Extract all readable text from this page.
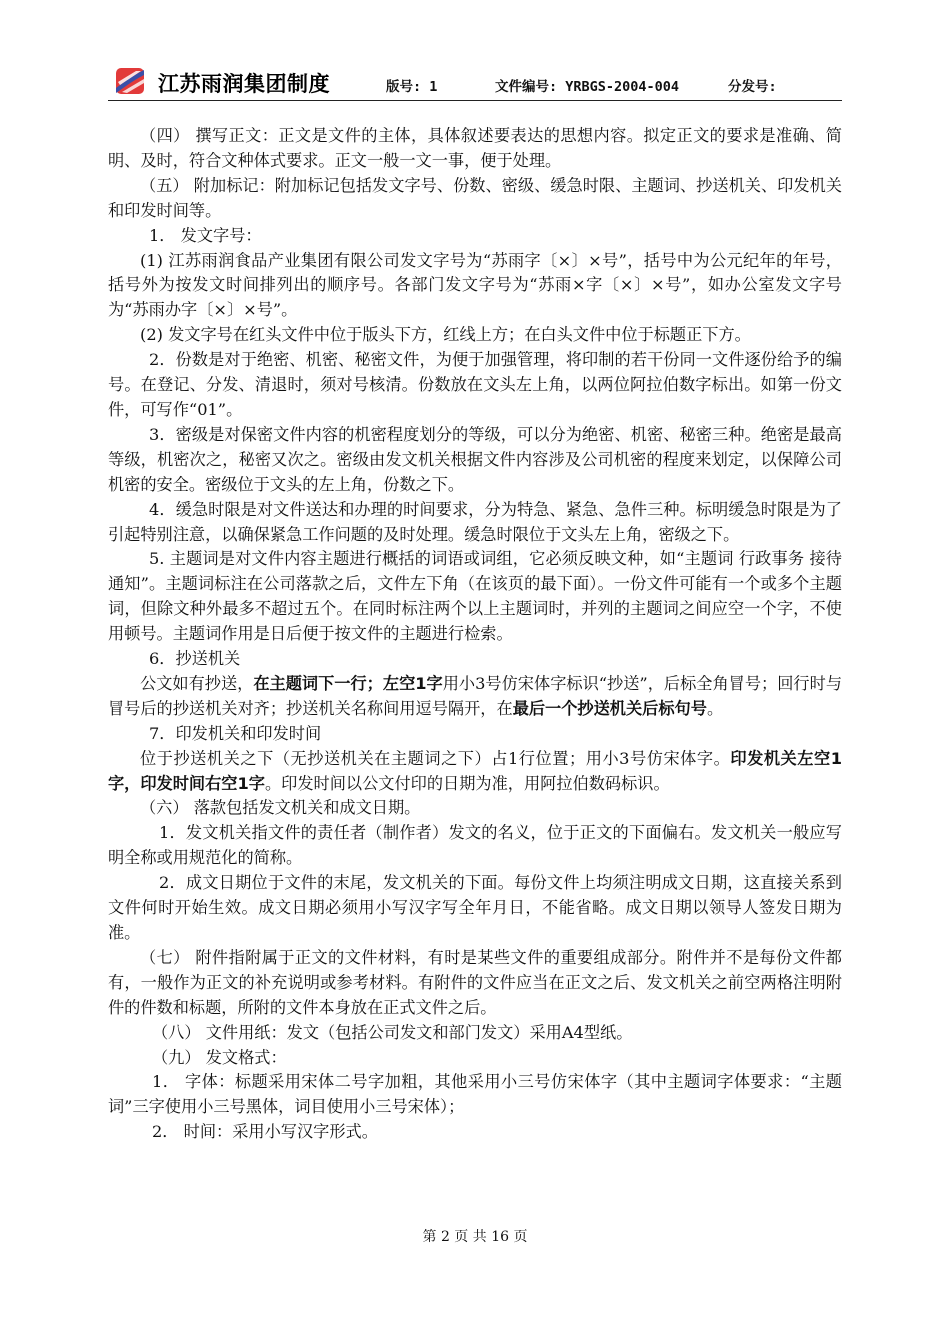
江苏雨润集团制度	版号: 1	文件编号: YRBGS-2004-004	分发号:

（四） 撰写正文：正文是文件的主体，具体叙述要表达的思想内容。拟定正文的要求是准确、简明、及时，符合文种体式要求。正文一般一文一事，便于处理。

（五） 附加标记：附加标记包括发文字号、份数、密级、缓急时限、主题词、抄送机关、印发机关和印发时间等。

1． 发文字号：

(1) 江苏雨润食品产业集团有限公司发文字号为“苏雨字〔×〕×号”，括号中为公元纪年的年号，括号外为按发文时间排列出的顺序号。各部门发文字号为“苏雨×字〔×〕×号”，如办公室发文字号为“苏雨办字〔×〕×号”。

(2) 发文字号在红头文件中位于版头下方，红线上方；在白头文件中位于标题正下方。

2．份数是对于绝密、机密、秘密文件，为便于加强管理，将印制的若干份同一文件逐份给予的编号。在登记、分发、清退时，须对号核清。份数放在文头左上角，以两位阿拉伯数字标出。如第一份文件，可写作“01”。

3．密级是对保密文件内容的机密程度划分的等级，可以分为绝密、机密、秘密三种。绝密是最高等级，机密次之，秘密又次之。密级由发文机关根据文件内容涉及公司机密的程度来划定，以保障公司机密的安全。密级位于文头的左上角，份数之下。

4．缓急时限是对文件送达和办理的时间要求，分为特急、紧急、急件三种。标明缓急时限是为了引起特别注意，以确保紧急工作问题的及时处理。缓急时限位于文头左上角，密级之下。

5. 主题词是对文件内容主题进行概括的词语或词组，它必须反映文种，如“主题词 行政事务 接待 通知”。主题词标注在公司落款之后，文件左下角（在该页的最下面）。一份文件可能有一个或多个主题词，但除文种外最多不超过五个。在同时标注两个以上主题词时，并列的主题词之间应空一个字，不使用顿号。主题词作用是日后便于按文件的主题进行检索。

6．抄送机关

公文如有抄送，在主题词下一行；左空1字用小3号仿宋体字标识“抄送”，后标全角冒号；回行时与冒号后的抄送机关对齐；抄送机关名称间用逗号隔开，在最后一个抄送机关后标句号。

7．印发机关和印发时间

位于抄送机关之下（无抄送机关在主题词之下）占1行位置；用小3号仿宋体字。印发机关左空1字，印发时间右空1字。印发时间以公文付印的日期为准，用阿拉伯数码标识。

（六） 落款包括发文机关和成文日期。

1．发文机关指文件的责任者（制作者）发文的名义，位于正文的下面偏右。发文机关一般应写明全称或用规范化的简称。

2．成文日期位于文件的末尾，发文机关的下面。每份文件上均须注明成文日期，这直接关系到文件何时开始生效。成文日期必须用小写汉字写全年月日，不能省略。成文日期以领导人签发日期为准。

（七） 附件指附属于正文的文件材料，有时是某些文件的重要组成部分。附件并不是每份文件都有，一般作为正文的补充说明或参考材料。有附件的文件应当在正文之后、发文机关之前空两格注明附件的件数和标题，所附的文件本身放在正式文件之后。

（八） 文件用纸：发文（包括公司发文和部门发文）采用A4型纸。

（九） 发文格式：

1． 字体：标题采用宋体二号字加粗，其他采用小三号仿宋体字（其中主题词字体要求：“主题词”三字使用小三号黑体，词目使用小三号宋体）；

2． 时间：采用小写汉字形式。

第 2 页 共 16 页
